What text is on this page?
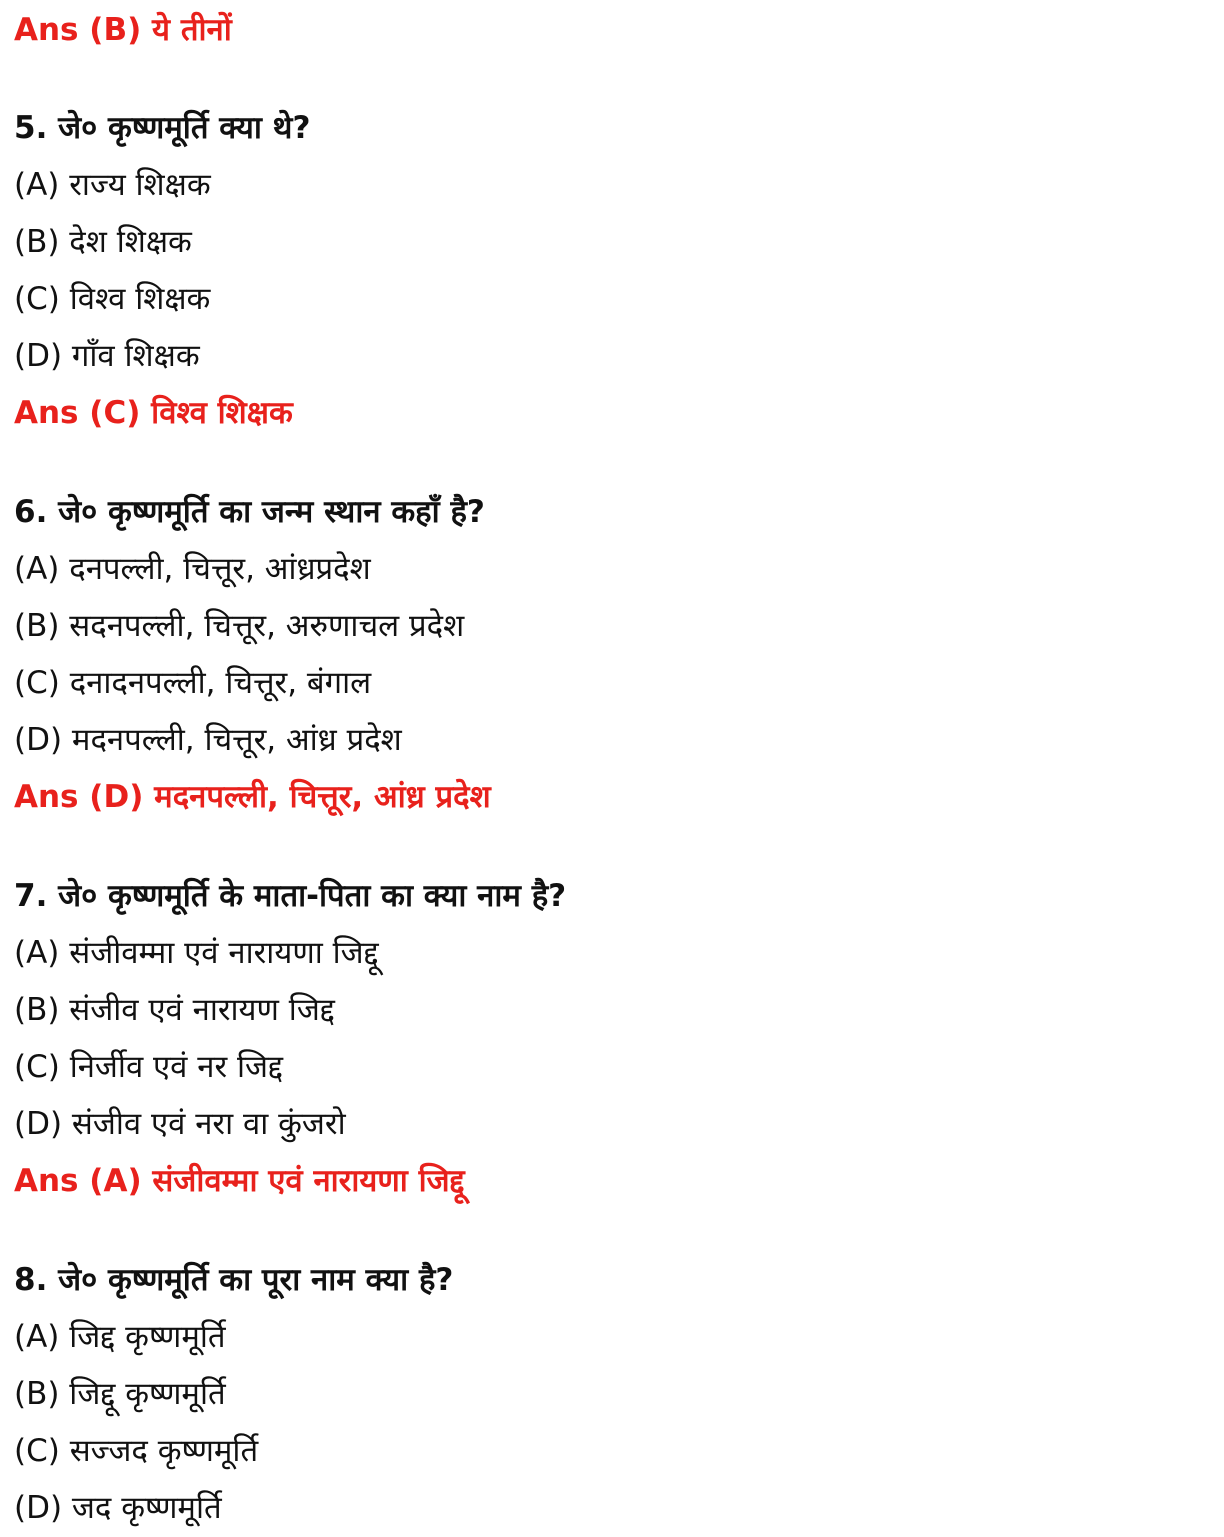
Ans (B) ये तीनों
5. जे० कृष्णमूर्ति क्या थे?
(A) राज्य शिक्षक
(B) देश शिक्षक
(C) विश्व शिक्षक
(D) गाँव शिक्षक
Ans (C) विश्व शिक्षक
6. जे० कृष्णमूर्ति का जन्म स्थान कहाँ है?
(A) दनपल्ली, चित्तूर, आंध्रप्रदेश
(B) सदनपल्ली, चित्तूर, अरुणाचल प्रदेश
(C) दनादनपल्ली, चित्तूर, बंगाल
(D) मदनपल्ली, चित्तूर, आंध्र प्रदेश
Ans (D) मदनपल्ली, चित्तूर, आंध्र प्रदेश
7. जे० कृष्णमूर्ति के माता-पिता का क्या नाम है?
(A) संजीवम्मा एवं नारायणा जिद्दू
(B) संजीव एवं नारायण जिद्द
(C) निर्जीव एवं नर जिद्द
(D) संजीव एवं नरा वा कुंजरो
Ans (A) संजीवम्मा एवं नारायणा जिद्दू
8. जे० कृष्णमूर्ति का पूरा नाम क्या है?
(A) जिद्द कृष्णमूर्ति
(B) जिद्दू कृष्णमूर्ति
(C) सज्जद कृष्णमूर्ति
(D) जद कृष्णमूर्ति
